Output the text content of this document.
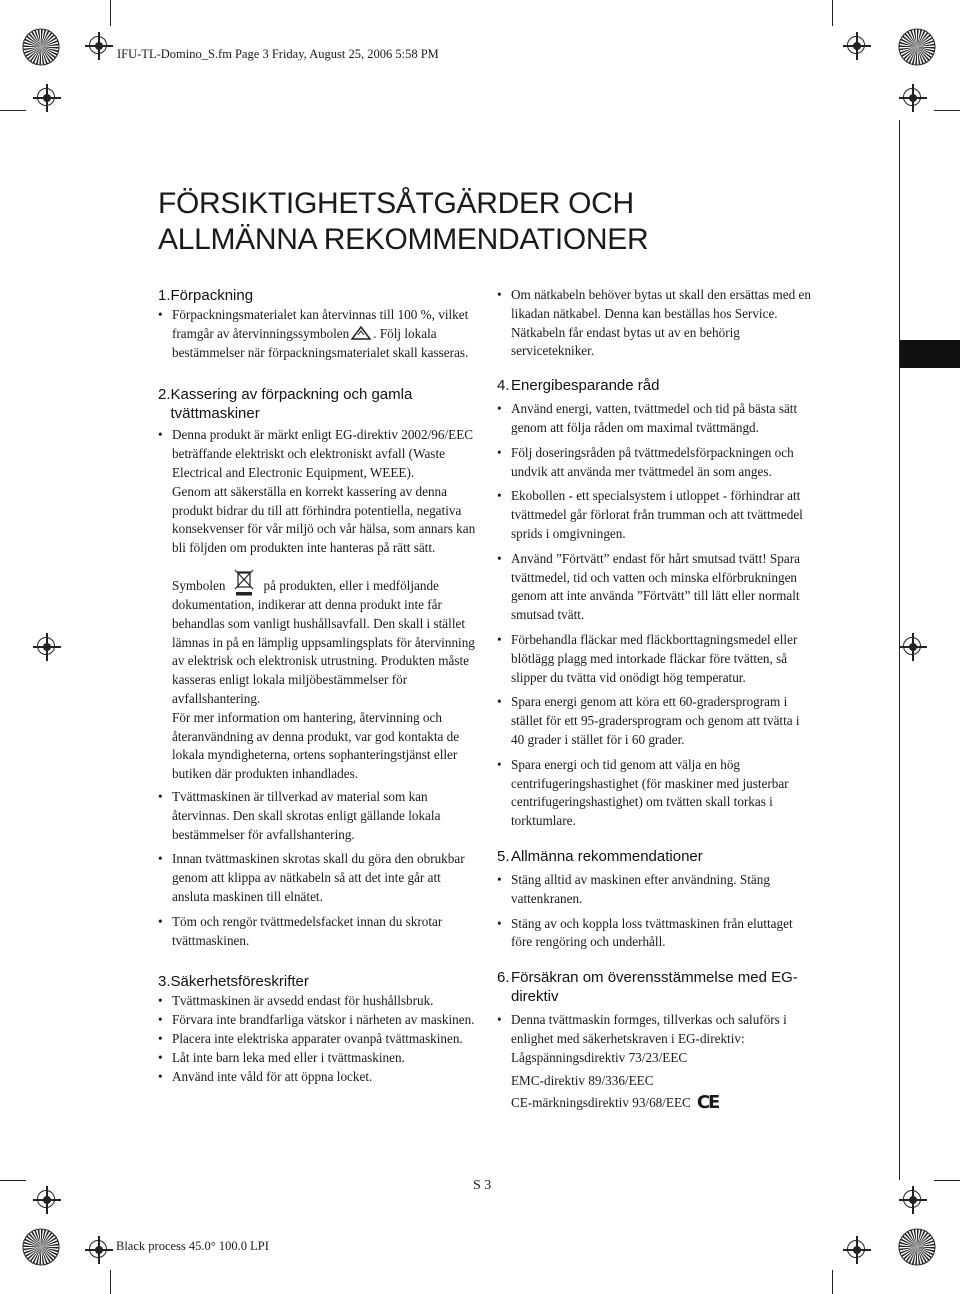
IFU-TL-Domino_S.fm Page 3 Friday, August 25, 2006 5:58 PM
Black process 45.0° 100.0 LPI
FÖRSIKTIGHETSÅTGÄRDER OCH
ALLMÄNNA REKOMMENDATIONER
1. Förpackning
• Förpackningsmaterialet kan återvinnas till 100 %, vilket framgår av återvinningssymbolen . Följ lokala bestämmelser när förpackningsmaterialet skall kasseras.
2. Kassering av förpackning och gamla tvättmaskiner
• Denna produkt är märkt enligt EG-direktiv 2002/96/EEC beträffande elektriskt och elektroniskt avfall (Waste Electrical and Electronic Equipment, WEEE).
Genom att säkerställa en korrekt kassering av denna produkt bidrar du till att förhindra potentiella, negativa konsekvenser för vår miljö och vår hälsa, som annars kan bli följden om produkten inte hanteras på rätt sätt.
Symbolen	på produkten, eller i medföljande dokumentation, indikerar att denna produkt inte får behandlas som vanligt hushållsavfall. Den skall i stället lämnas in på en lämplig uppsamlingsplats för återvinning av elektrisk och elektronisk utrustning. Produkten måste kasseras enligt lokala miljöbestämmelser för avfallshantering.
För mer information om hantering, återvinning och återanvändning av denna produkt, var god kontakta de lokala myndigheterna, ortens sophanteringstjänst eller butiken där produkten inhandlades.
• Tvättmaskinen är tillverkad av material som kan återvinnas. Den skall skrotas enligt gällande lokala bestämmelser för avfallshantering.
• Innan tvättmaskinen skrotas skall du göra den obrukbar genom att klippa av nätkabeln så att det inte går att ansluta maskinen till elnätet.
• Töm och rengör tvättmedelsfacket innan du skrotar tvättmaskinen.
3. Säkerhetsföreskrifter
• Tvättmaskinen är avsedd endast för hushållsbruk.
• Förvara inte brandfarliga vätskor i närheten av maskinen.
• Placera inte elektriska apparater ovanpå tvättmaskinen.
• Låt inte barn leka med eller i tvättmaskinen.
• Använd inte våld för att öppna locket.
• Om nätkabeln behöver bytas ut skall den ersättas med en likadan nätkabel. Denna kan beställas hos Service. Nätkabeln får endast bytas ut av en behörig servicetekniker.
4. Energibesparande råd
• Använd energi, vatten, tvättmedel och tid på bästa sätt genom att följa råden om maximal tvättmängd.
• Följ doseringsråden på tvättmedelsförpackningen och undvik att använda mer tvättmedel än som anges.
• Ekobollen - ett specialsystem i utloppet - förhindrar att tvättmedel går förlorat från trumman och att tvättmedel sprids i omgivningen.
• Använd ”Förtvätt” endast för hårt smutsad tvätt! Spara tvättmedel, tid och vatten och minska elförbrukningen genom att inte använda ”Förtvätt” till lätt eller normalt smutsad tvätt.
• Förbehandla fläckar med fläckborttagningsmedel eller blötlägg plagg med intorkade fläckar före tvätten, så slipper du tvätta vid onödigt hög temperatur.
• Spara energi genom att köra ett 60-gradersprogram i stället för ett 95-gradersprogram och genom att tvätta i 40 grader i stället för i 60 grader.
• Spara energi och tid genom att välja en hög centrifugeringshastighet (för maskiner med justerbar centrifugeringshastighet) om tvätten skall torkas i torktumlare.
5. Allmänna rekommendationer
• Stäng alltid av maskinen efter användning. Stäng vattenkranen.
• Stäng av och koppla loss tvättmaskinen från eluttaget före rengöring och underhåll.
6. Försäkran om överensstämmelse med EG-direktiv
• Denna tvättmaskin formges, tillverkas och saluförs i enlighet med säkerhetskraven i EG-direktiv:
Lågspänningsdirektiv 73/23/EEC
EMC-direktiv 89/336/EEC
CE-märkningsdirektiv 93/68/EEC CE
S 3
